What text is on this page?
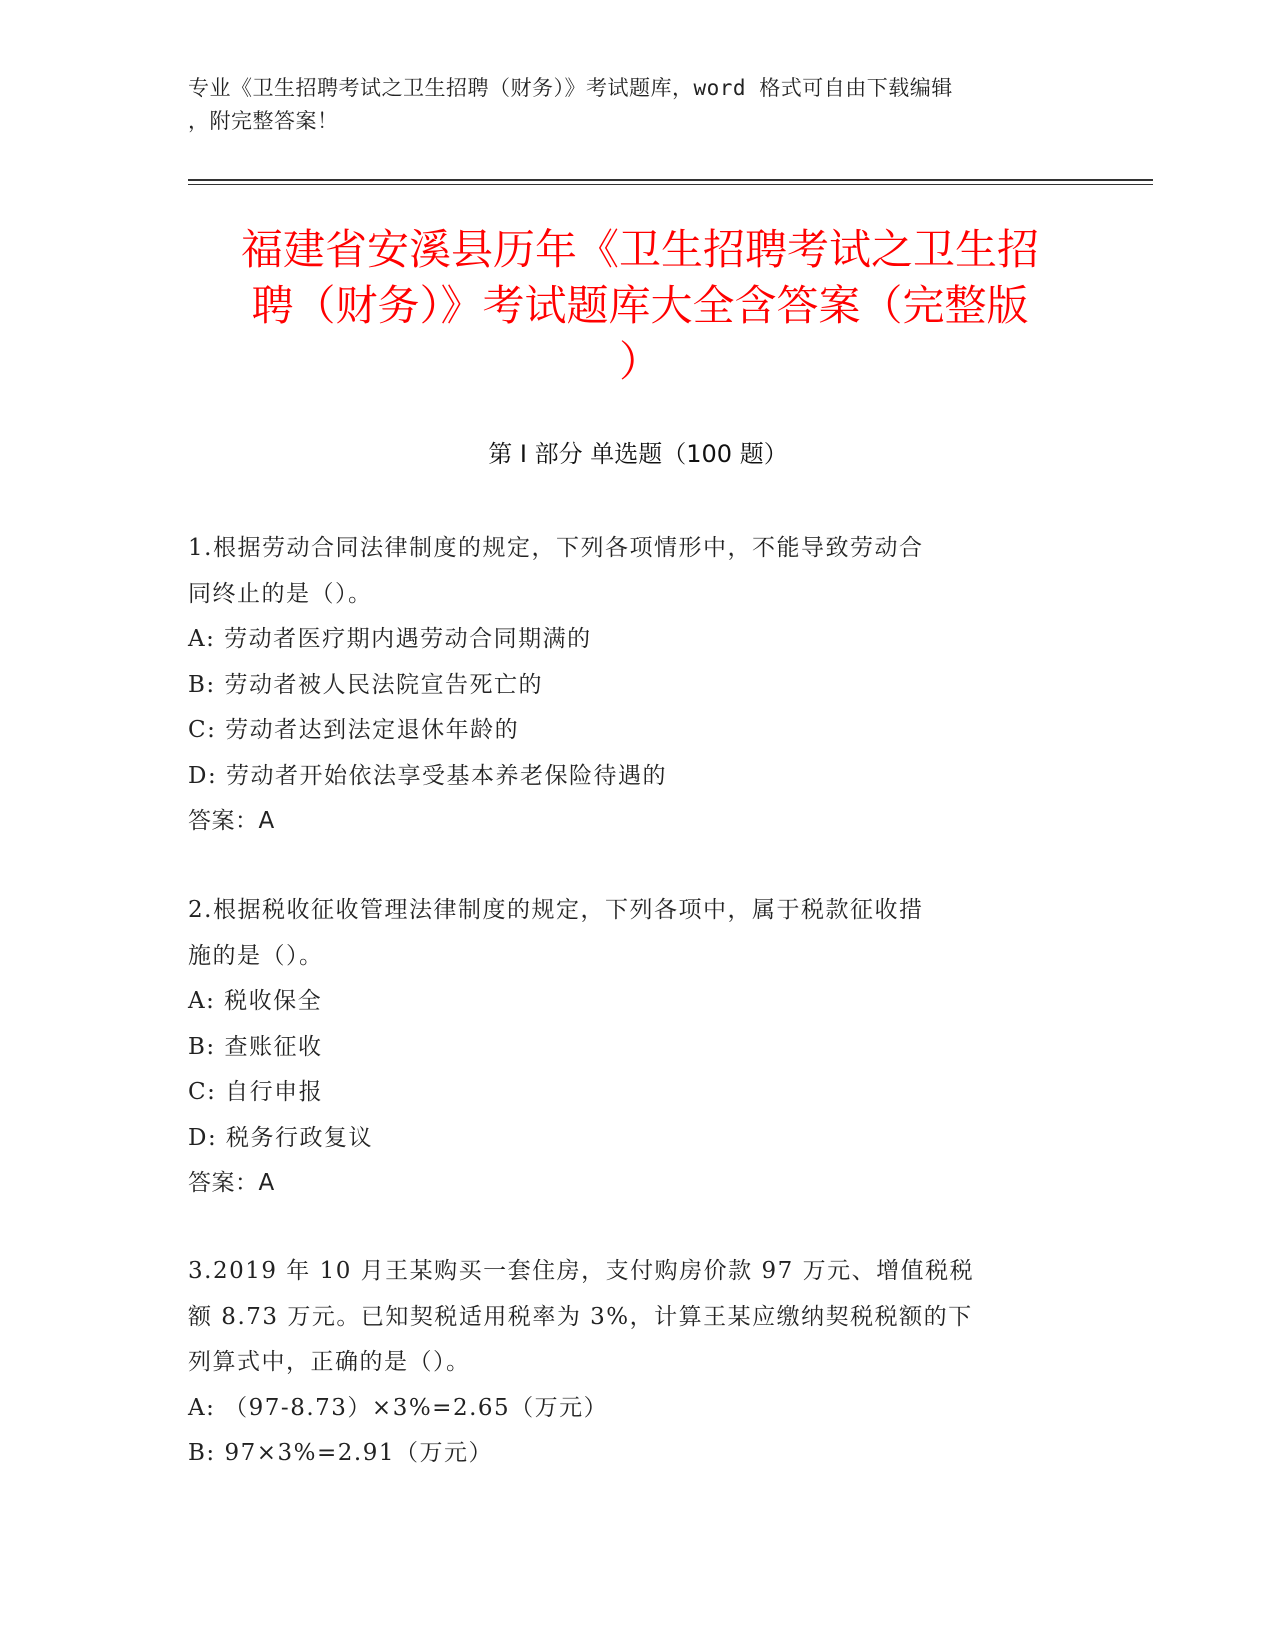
专业《卫生招聘考试之卫生招聘（财务）》考试题库，word 格式可自由下载编辑
，附完整答案！
福建省安溪县历年《卫生招聘考试之卫生招
聘（财务）》考试题库大全含答案（完整版
）
第 I 部分 单选题（100 题）
1.根据劳动合同法律制度的规定，下列各项情形中，不能导致劳动合
同终止的是（）。
A: 劳动者医疗期内遇劳动合同期满的
B: 劳动者被人民法院宣告死亡的
C: 劳动者达到法定退休年龄的
D: 劳动者开始依法享受基本养老保险待遇的
答案：A
2.根据税收征收管理法律制度的规定，下列各项中，属于税款征收措
施的是（）。
A: 税收保全
B: 查账征收
C: 自行申报
D: 税务行政复议
答案：A
3.2019 年 10 月王某购买一套住房，支付购房价款 97 万元、增值税税
额 8.73 万元。已知契税适用税率为 3%，计算王某应缴纳契税税额的下
列算式中，正确的是（）。
A: （97-8.73）×3%=2.65（万元）
B: 97×3%=2.91（万元）
